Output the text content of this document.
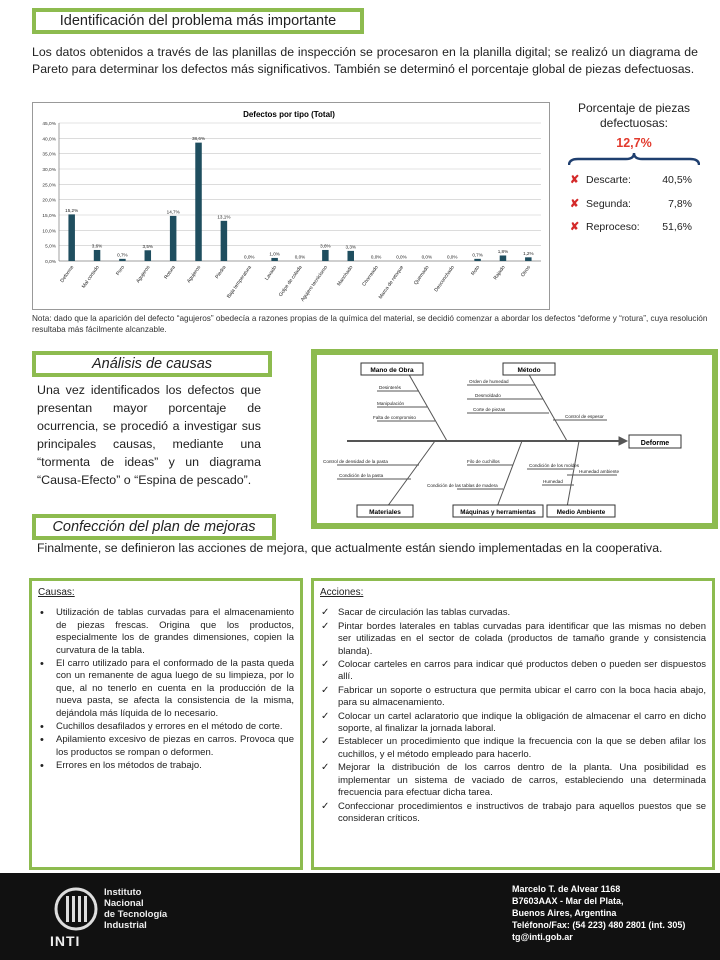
Identificación del problema más importante
Los datos obtenidos a través de las planillas de inspección se procesaron en la planilla digital; se realizó un diagrama de Pareto para determinar los defectos más significativos. También se determinó el porcentaje global de piezas defectuosas.
Defectos por tipo (Total)
0,0%
5,0%
10,0%
15,0%
20,0%
25,0%
30,0%
35,0%
40,0%
45,0%
15,2%
Deforme
3,6%
Mal cortado
0,7%
Poro
3,5%
Agujeros
14,7%
Rotura
38,6%
Agujeros
13,1%
Piedra
0,0%
Baja temperatura
1,0%
Lavado
0,0%
Golpe de colada
3,6%
Agujero tecnicismo
3,3%
Manchado
0,0%
Chorreado
0,0%
Marca de retoque
0,0%
Quemado
0,0%
Desconchado
0,7%
Roto
1,8%
Rajado
1,2%
Otros
Porcentaje de piezas defectuosas:
12,7%
✘ Descarte:	40,5%
✘ Segunda:	7,8%
✘ Reproceso:	51,6%
Nota: dado que la aparición del defecto “agujeros” obedecía a razones propias de la química del material, se decidió comenzar a abordar los defectos “deforme y “rotura”, cuya resolución resultaba más fácilmente alcanzable.
Análisis de causas
Una vez identificados los defectos que presentan mayor porcentaje de ocurrencia, se procedió a investigar sus principales causas, mediante una “tormenta de ideas” y un diagrama “Causa-Efecto” o “Espina de pescado”.
Mano de Obra	Método
Deforme
Materiales	Máquinas y herramientas	Medio Ambiente
Desinterés
Manipulación
Falta de compromiso
Orden de humedad
Desmoldado
Corte de piezas
Control de espesor
Filo de cuchillos
Control de densidad de la pasta
Condición de la pasta
Condición de los moldes
Condición de las tablas de madera
Humedad
Humedad ambiente
Confección del plan de mejoras
Finalmente, se definieron las acciones de mejora, que actualmente están siendo implementadas en la cooperativa.
Causas:
• Utilización de tablas curvadas para el almacenamiento de piezas frescas. Origina que los productos, especialmente los de grandes dimensiones, copien la curvatura de la tabla.
• El carro utilizado para el conformado de la pasta queda con un remanente de agua luego de su limpieza, por lo que, al no tenerlo en cuenta en la producción de la nueva pasta, se afecta la consistencia de la misma, dejándola más líquida de lo necesario.
• Cuchillos desafilados y errores en el método de corte.
• Apilamiento excesivo de piezas en carros. Provoca que los productos se rompan o deformen.
• Errores en los métodos de trabajo.
Acciones:
✓ Sacar de circulación las tablas curvadas.
✓ Pintar bordes laterales en tablas curvadas para identificar que las mismas no deben ser utilizadas en el sector de colada (productos de tamaño grande y consistencia blanda).
✓ Colocar carteles en carros para indicar qué productos deben o pueden ser dispuestos allí.
✓ Fabricar un soporte o estructura que permita ubicar el carro con la boca hacia abajo, para su almacenamiento.
✓ Colocar un cartel aclaratorio que indique la obligación de almacenar el carro en dicho soporte, al finalizar la jornada laboral.
✓ Establecer un procedimiento que indique la frecuencia con la que se deben afilar los cuchillos, y el método empleado para hacerlo.
✓ Mejorar la distribución de los carros dentro de la planta. Una posibilidad es implementar un sistema de vaciado de carros, estableciendo una determinada frecuencia para efectuar dicha tarea.
✓ Confeccionar procedimientos e instructivos de trabajo para aquellos puestos que se consideran críticos.
INTI
Instituto
Nacional
de Tecnología
Industrial
Marcelo T. de Alvear 1168
B7603AAX - Mar del Plata,
Buenos Aires, Argentina
Teléfono/Fax: (54 223) 480 2801 (int. 305)
tg@inti.gob.ar
